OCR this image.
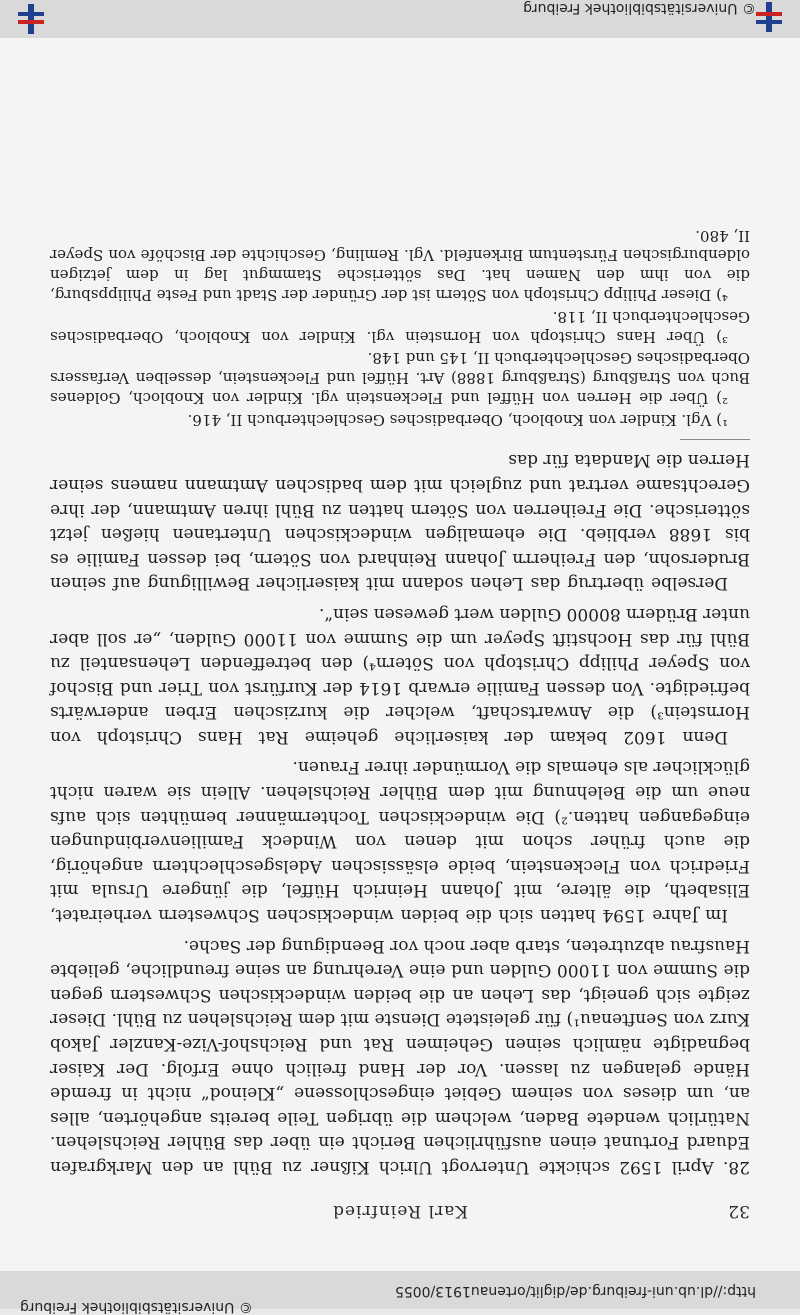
http://dl.ub.uni-freiburg.de/diglit/ortenau1913/0055
© Universitätsbibliothek Freiburg
32
Karl Reinfried

28. April 1592 schickte Untervogt Ulrich Kißner zu Bühl an den Markgrafen Eduard Fortunat einen ausführlichen Bericht ein über das Bühler Reichslehen. Natürlich wendete Baden, welchem die übrigen Teile bereits angehörten, alles an, um dieses von seinem Gebiet eingeschlossene „Kleinod“ nicht in fremde Hände gelangen zu lassen. Vor der Hand freilich ohne Erfolg. Der Kaiser begnadigte nämlich seinen Geheimen Rat und Reichshof-Vize-Kanzler Jakob Kurz von Senftenau¹) für geleistete Dienste mit dem Reichslehen zu Bühl. Dieser zeigte sich geneigt, das Lehen an die beiden windeckischen Schwestern gegen die Summe von 11000 Gulden und eine Verehrung an seine freundliche, geliebte Hausfrau abzutreten, starb aber noch vor Beendigung der Sache.

Im Jahre 1594 hatten sich die beiden windeckischen Schwestern verheiratet, Elisabeth, die ältere, mit Johann Heinrich Hüffel, die jüngere Ursula mit Friedrich von Fleckenstein, beide elsässischen Adelsgeschlechtern angehörig, die auch früher schon mit denen von Windeck Familienverbindungen eingegangen hatten.²) Die windeckischen Tochtermänner bemühten sich aufs neue um die Belehnung mit dem Bühler Reichslehen. Allein sie waren nicht glücklicher als ehemals die Vormünder ihrer Frauen.

Denn 1602 bekam der kaiserliche geheime Rat Hans Christoph von Hornstein³) die Anwartschaft, welcher die kurzischen Erben anderwärts befriedigte. Von dessen Familie erwarb 1614 der Kurfürst von Trier und Bischof von Speyer Philipp Christoph von Sötern⁴) den betreffenden Lehensanteil zu Bühl für das Hochstift Speyer um die Summe von 11000 Gulden, „er soll aber unter Brüdern 80000 Gulden wert gewesen sein“.

Derselbe übertrug das Lehen sodann mit kaiserlicher Bewilligung auf seinen Brudersohn, den Freiherrn Johann Reinhard von Sötern, bei dessen Familie es bis 1688 verblieb. Die ehemaligen windeckischen Untertanen hießen jetzt sötterische. Die Freiherren von Sötern hatten zu Bühl ihren Amtmann, der ihre Gerechtsame vertrat und zugleich mit dem badischen Amtmann namens seiner Herren die Mandata für das

¹) Vgl. Kindler von Knobloch, Oberbadisches Geschlechterbuch II, 416.

²) Über die Herren von Hüffel und Fleckenstein vgl. Kindler von Knobloch, Goldenes Buch von Straßburg (Straßburg 1888) Art. Hüffel und Fleckenstein, desselben Verfassers Oberbadisches Geschlechterbuch II, 145 und 148.

³) Über Hans Christoph von Hornstein vgl. Kindler von Knobloch, Oberbadisches Geschlechterbuch II, 118.

⁴) Dieser Philipp Christoph von Sötern ist der Gründer der Stadt und Feste Philippsburg, die von ihm den Namen hat. Das sötterische Stammgut lag in dem jetzigen oldenburgischen Fürstentum Birkenfeld. Vgl. Remling, Geschichte der Bischöfe von Speyer II, 480.

© Universitätsbibliothek Freiburg
